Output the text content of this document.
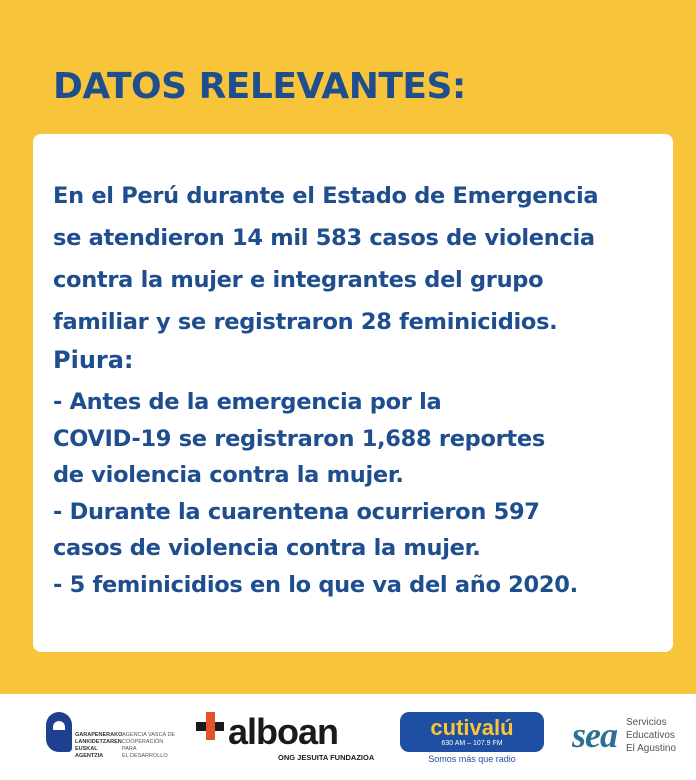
DATOS RELEVANTES:

En el Perú durante el Estado de Emergencia
se atendieron 14 mil 583 casos de violencia
contra la mujer e integrantes del grupo
familiar y se registraron 28 feminicidios.

Piura:

- Antes de la emergencia por la
COVID-19 se registraron 1,688 reportes
de violencia contra la mujer.
- Durante la cuarentena ocurrieron 597
casos de violencia contra la mujer.
- 5 feminicidios en lo que va del año 2020.

GARAPENERAKO
LANKIDETZAREN
EUSKAL AGENTZIA
AGENCIA VASCA DE
COOPERACIÓN PARA
EL DESARROLLO
alboan
ONG JESUITA FUNDAZIOA
cutivalú
630 AM – 107.9 FM
Somos más que radio
sea Servicios
Educativos
El Agustino
